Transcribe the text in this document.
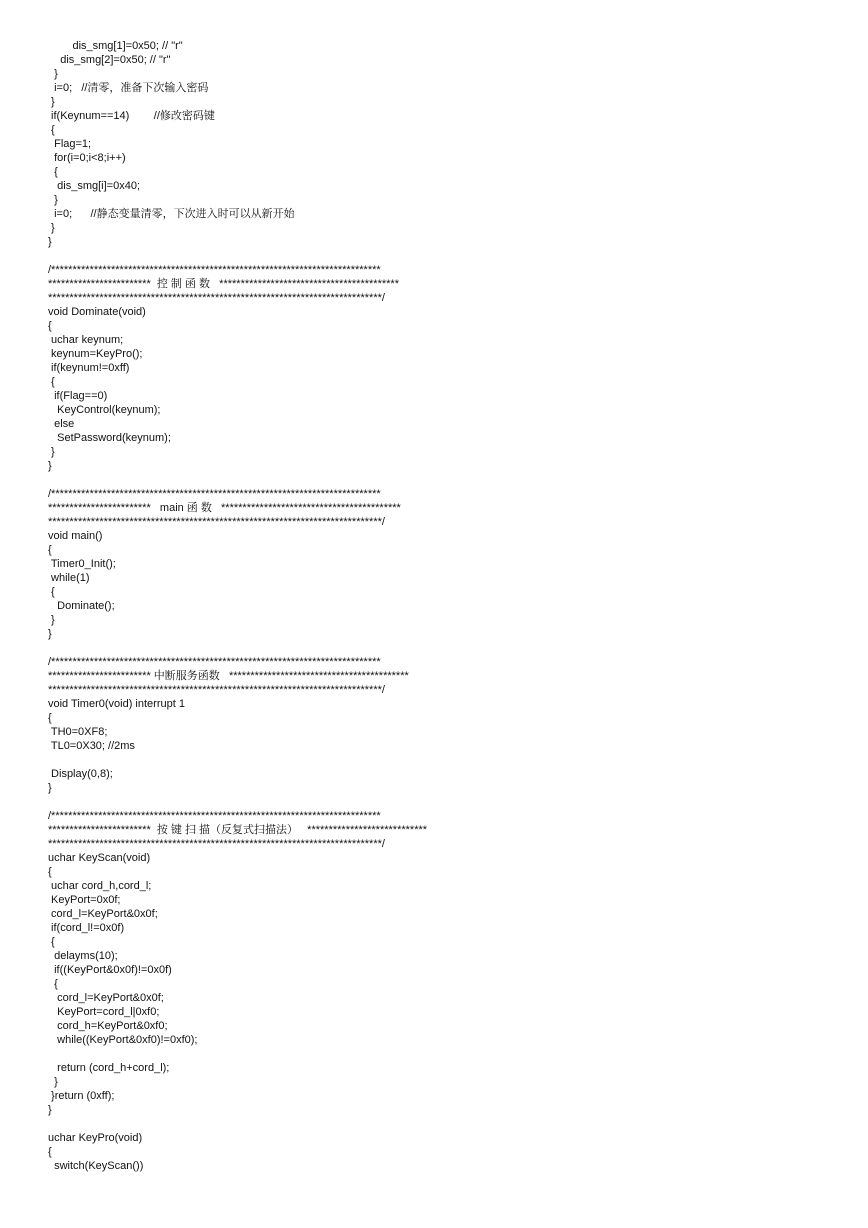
dis_smg[1]=0x50; // "r"
dis_smg[2]=0x50; // "r"
}
i=0;   //清零，准备下次输入密码
}
if(Keynum==14)        //修改密码键
{
Flag=1;
for(i=0;i<8;i++)
{
dis_smg[i]=0x40;
}
i=0;      //静态变量清零，下次进入时可以从新开始
}
}
/*****************************************************************************
************************  控 制 函 数   ******************************************
******************************************************************************/
void Dominate(void)
{
uchar keynum;
keynum=KeyPro();
if(keynum!=0xff)
{
if(Flag==0)
KeyControl(keynum);
else
SetPassword(keynum);
}
}
/*****************************************************************************
************************   main 函 数   ******************************************
******************************************************************************/
void main()
{
Timer0_Init();
while(1)
{
Dominate();
}
}
/*****************************************************************************
************************ 中断服务函数   ******************************************
******************************************************************************/
void Timer0(void) interrupt 1
{
TH0=0XF8;
TL0=0X30; //2ms
Display(0,8);
}
/*****************************************************************************
************************  按 键 扫 描（反复式扫描法）   ****************************
******************************************************************************/
uchar KeyScan(void)
{
uchar cord_h,cord_l;
KeyPort=0x0f;
cord_l=KeyPort&0x0f;
if(cord_l!=0x0f)
{
delayms(10);
if((KeyPort&0x0f)!=0x0f)
{
cord_l=KeyPort&0x0f;
KeyPort=cord_l|0xf0;
cord_h=KeyPort&0xf0;
while((KeyPort&0xf0)!=0xf0);
return (cord_h+cord_l);
}
}return (0xff);
}
uchar KeyPro(void)
{
switch(KeyScan())
